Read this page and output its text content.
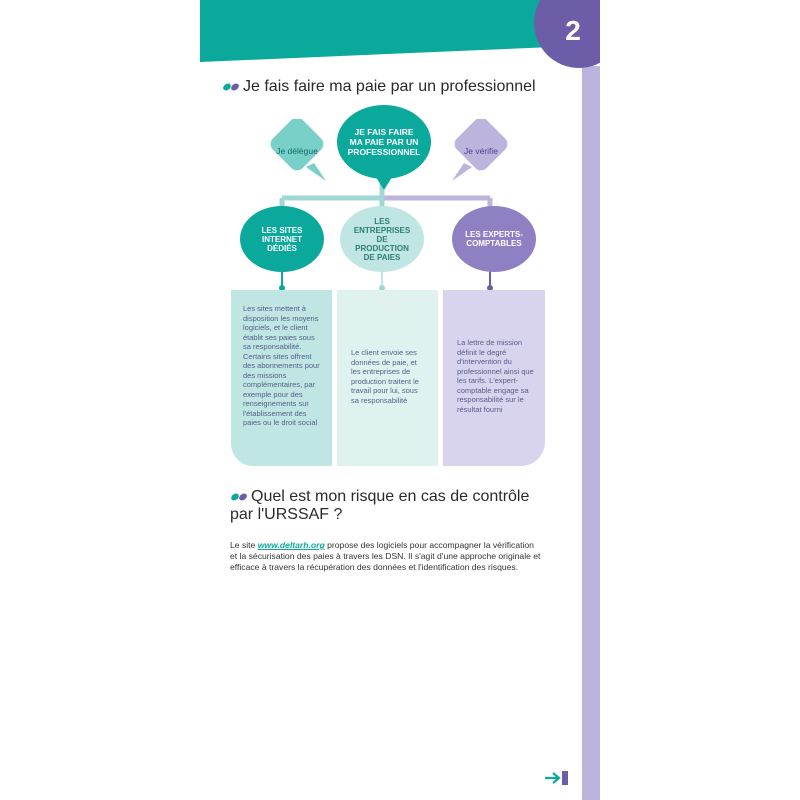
2
Je fais faire ma paie par un professionnel
Je délègue	Je vérifie
JE FAIS FAIRE MA PAIE PAR UN PROFESSIONNEL
LES SITES INTERNET DÉDIÉS
LES ENTREPRISES DE PRODUCTION DE PAIES
LES EXPERTS-COMPTABLES
Les sites mettent à disposition les moyens logiciels, et le client établit ses paies sous sa responsabilité. Certains sites offrent des abonnements pour des missions complémentaires, par exemple pour des renseignements sur l'établissement des paies ou le droit social
Le client envoie ses données de paie, et les entreprises de production traitent le travail pour lui, sous sa responsabilité
La lettre de mission définit le degré d'intervention du professionnel ainsi que les tarifs. L'expert-comptable engage sa responsabilité sur le résultat fourni
Quel est mon risque en cas de contrôle
par l'URSSAF ?
Le site www.deltarh.org propose des logiciels pour accompagner la vérification et la sécurisation des paies à travers les DSN. Il s'agit d'une approche originale et efficace à travers la récupération des données et l'identification des risques.
